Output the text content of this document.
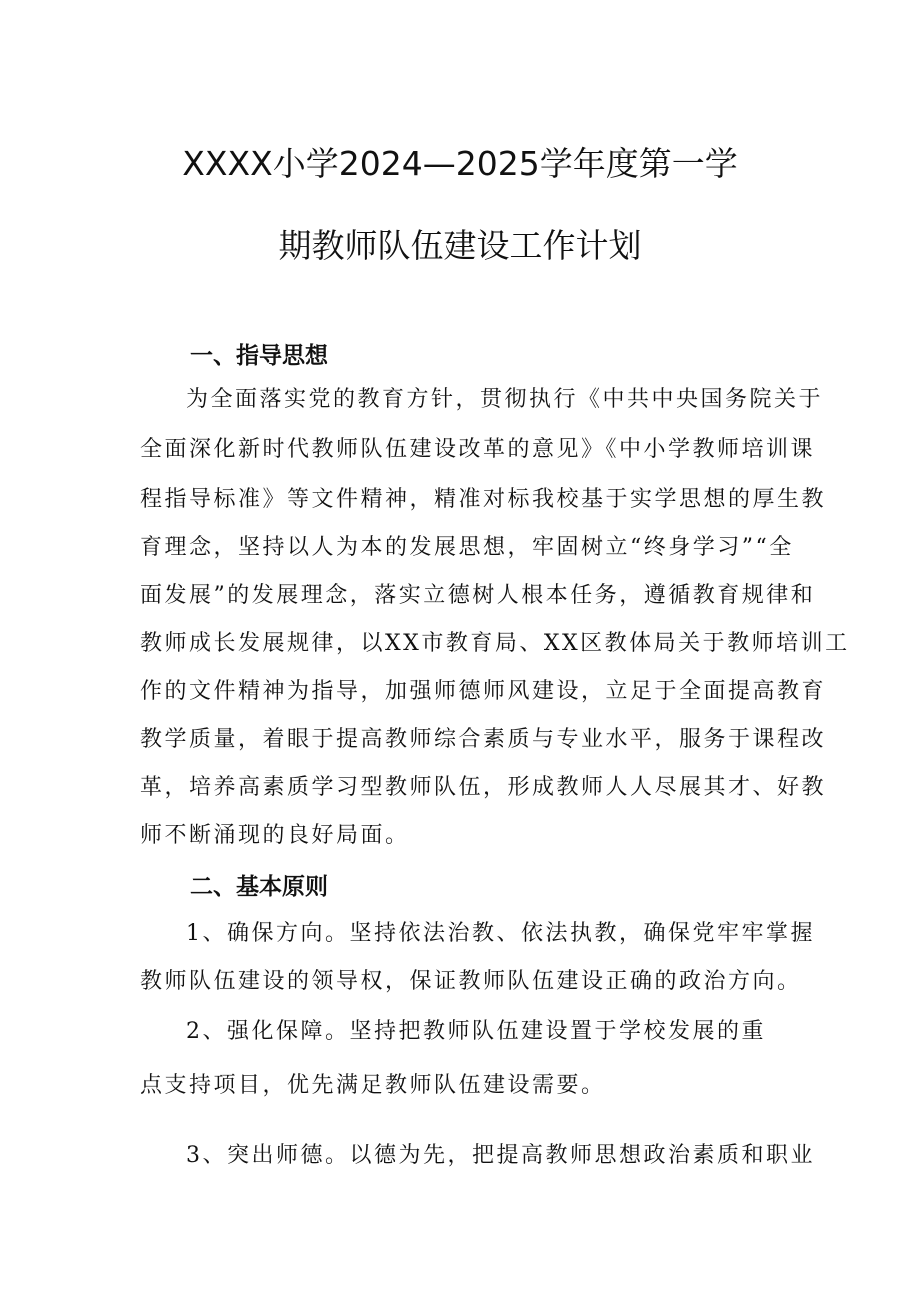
XXXX小学2024—2025学年度第一学
期教师队伍建设工作计划
一、指导思想
为全面落实党的教育方针，贯彻执行《中共中央国务院关于
全面深化新时代教师队伍建设改革的意见》《中小学教师培训课
程指导标准》等文件精神，精准对标我校基于实学思想的厚生教
育理念，坚持以人为本的发展思想，牢固树立“终身学习”“全
面发展”的发展理念，落实立德树人根本任务，遵循教育规律和
教师成长发展规律，以XX市教育局、XX区教体局关于教师培训工
作的文件精神为指导，加强师德师风建设，立足于全面提高教育
教学质量，着眼于提高教师综合素质与专业水平，服务于课程改
革，培养高素质学习型教师队伍，形成教师人人尽展其才、好教
师不断涌现的良好局面。
二、基本原则
1、确保方向。坚持依法治教、依法执教，确保党牢牢掌握
教师队伍建设的领导权，保证教师队伍建设正确的政治方向。
2、强化保障。坚持把教师队伍建设置于学校发展的重
点支持项目，优先满足教师队伍建设需要。
3、突出师德。以德为先，把提高教师思想政治素质和职业
